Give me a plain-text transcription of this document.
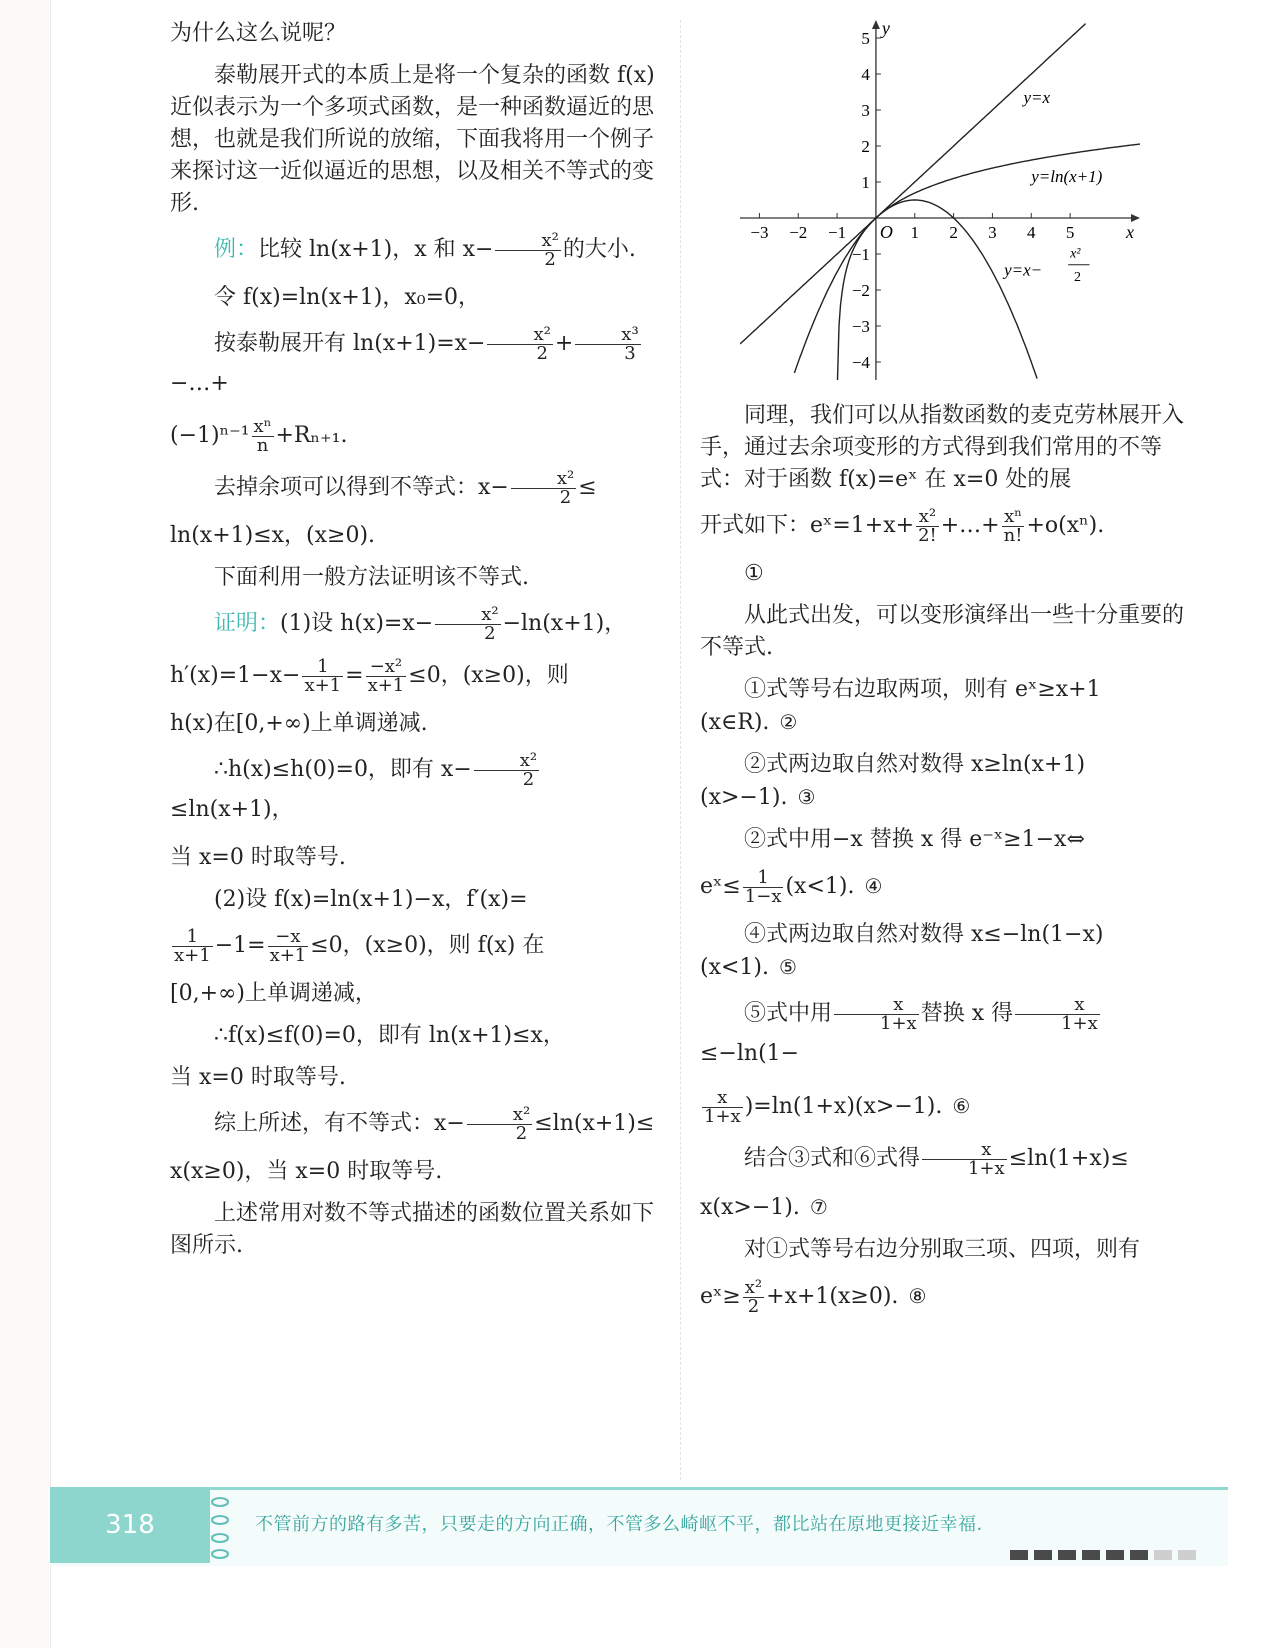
为什么这么说呢？

泰勒展开式的本质上是将一个复杂的函数 f(x) 近似表示为一个多项式函数，是一种函数逼近的思想，也就是我们所说的放缩，下面我将用一个例子来探讨这一近似逼近的思想，以及相关不等式的变形.

例：比较 ln(x+1)，x 和 $x- \frac{\text{x²}}{2}$ 的大小.

令 f(x)=ln(x+1)，x₀=0，

按泰勒展开有 $\ln(x+1)=x- \frac{\text{x²}}{2} + \frac{\text{x³}}{3}$
−…+

$(-1)^{n-1} \frac{\text{xⁿ}}{n} +R_{n+1}$.

去掉余项可以得到不等式：$x- \frac{\text{x²}}{2}$ ≤

ln(x+1)≤x，(x≥0).

下面利用一般方法证明该不等式.

证明：(1)设 $h(x)=x- \frac{\text{x²}}{2} -\ln(x+1)$，

$h'(x)=1-x- \frac{1}{x+1} = \frac{\text{−x²}}{x+1} \le 0$，(x≥0)，则

h(x)在[0,+∞)上单调递减.

∴h(x)≤h(0)=0，即有 $x- \frac{\text{x²}}{2}$
≤ln(x+1)，

当 x=0 时取等号.

(2)设 f(x)=ln(x+1)−x，f′(x)=

$\frac{1}{x+1} -1= \frac{-x}{x+1} \le 0$，(x≥0)，则 f(x) 在

[0,+∞)上单调递减，

∴f(x)≤f(0)=0，即有 ln(x+1)≤x，

当 x=0 时取等号.

综上所述，有不等式：$x- \frac{\text{x²}}{2} \le\ln(x+1)\le$

x(x≥0)，当 x=0 时取等号.

上述常用对数不等式描述的函数位置关系如下图所示.

x
y
O
−3 −2 −1	1 2 3 4 5
5
4
3
2
1
−1
−2
−3
−4
y=x
y=ln(x+1)
y=x−
x²
2

同理，我们可以从指数函数的麦克劳林展开入手，通过去余项变形的方式得到我们常用的不等式：对于函数 f(x)=eˣ 在 x=0 处的展

开式如下：eˣ=1+x+ $\frac{\text{x²}}{2!}$ +…+ $\frac{\text{xⁿ}}{n!} +o(x^n)$.

①

从此式出发，可以变形演绎出一些十分重要的不等式.

①式等号右边取两项，则有 eˣ≥x+1 (x∈R). ②

②式两边取自然对数得 x≥ln(x+1) (x>−1). ③

②式中用−x 替换 x 得 e⁻ˣ≥1−x⇔

eˣ≤ $\frac{1}{1-x} (x<1)$. ④

④式两边取自然对数得 x≤−ln(1−x) (x<1). ⑤

⑤式中用 $\frac{x}{1+x}$ 替换 x 得 $\frac{x}{1+x}$
≤−ln(1−

$\frac{x}{1+x} )=\ln(1+x)(x>-1)$. ⑥

结合③式和⑥式得 $\frac{x}{1+x} \le\ln(1+x)\le$

x(x>−1). ⑦

对①式等号右边分别取三项、四项，则有

eˣ≥ $\frac{\text{x²}}{2} +x+1(x\ge 0)$. ⑧

318	不管前方的路有多苦，只要走的方向正确，不管多么崎岖不平，都比站在原地更接近幸福.
